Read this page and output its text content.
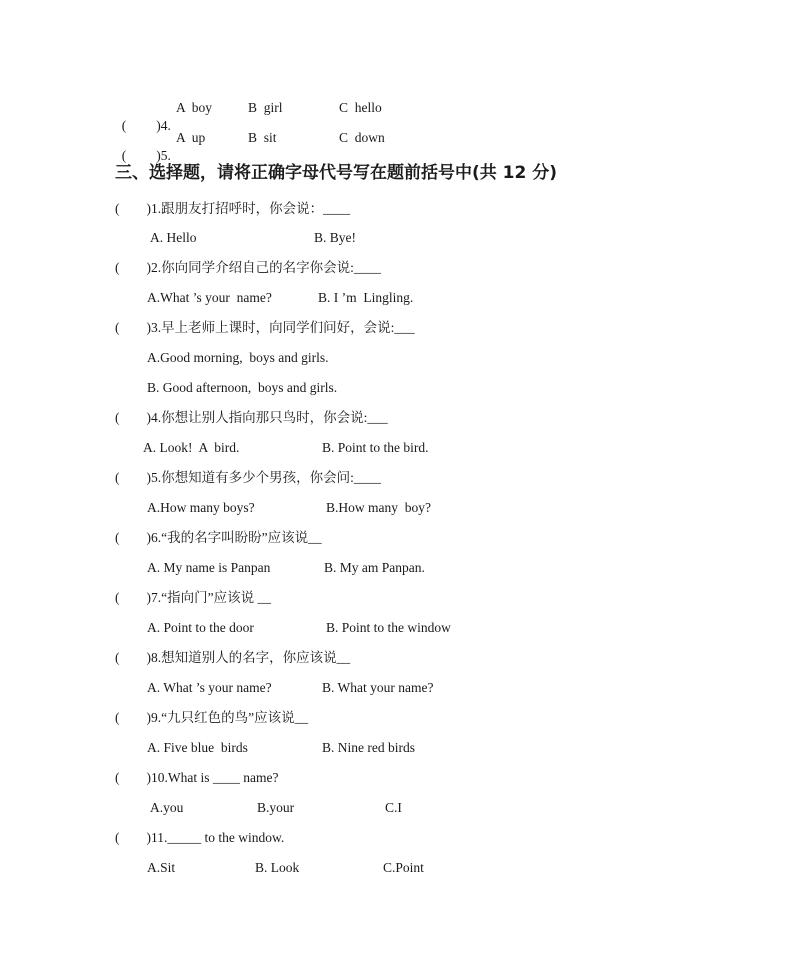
( )4.

A  boy	B  girl	C  hello

( )5.

A  up	B  sit	C  down
三、选择题，请将正确字母代号写在题前括号中(共 12 分)
(        )1.跟朋友打招呼时，你会说：____
A. Hello	B. Bye!
(        )2.你向同学介绍自己的名字你会说:____
A.What ’s your  name?	B. I ’m  Lingling.
(        )3.早上老师上课时，向同学们问好，会说:___
A.Good morning,  boys and girls.
B. Good afternoon,  boys and girls.
(        )4.你想让别人指向那只鸟时，你会说:___
A. Look!  A  bird.	B. Point to the bird.
(        )5.你想知道有多少个男孩，你会问:____
A.How many boys?	B.How many  boy?
(        )6.“我的名字叫盼盼”应该说__
A. My name is Panpan	B. My am Panpan.
(        )7.“指向门”应该说 __
A. Point to the door	B. Point to the window
(        )8.想知道别人的名字，你应该说__
A. What ’s your name?	B. What your name?
(        )9.“九只红色的鸟”应该说__
A. Five blue  birds	B. Nine red birds
(        )10.What is ____ name?
A.you	B.your	C.I
(        )11._____ to the window.
A.Sit	B. Look	C.Point
